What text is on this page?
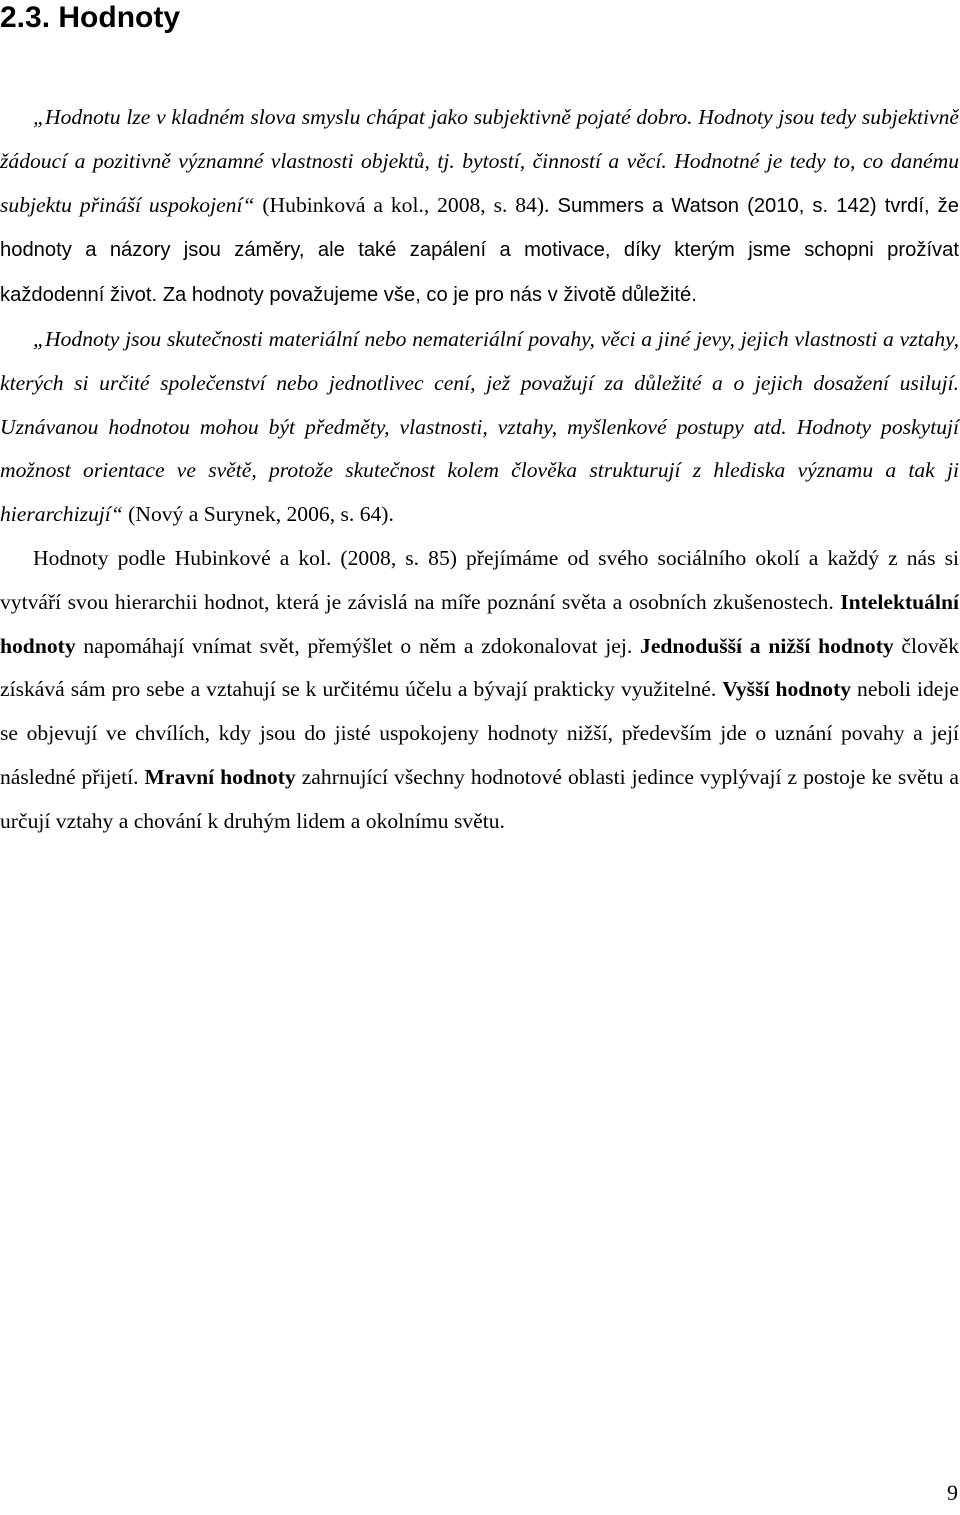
2.3. Hodnoty

„Hodnotu lze v kladném slova smyslu chápat jako subjektivně pojaté dobro. Hodnoty jsou tedy subjektivně žádoucí a pozitivně významné vlastnosti objektů, tj. bytostí, činností a věcí. Hodnotné je tedy to, co danému subjektu přináší uspokojení“ (Hubinková a kol., 2008, s. 84). Summers a Watson (2010, s. 142) tvrdí, že hodnoty a názory jsou záměry, ale také zapálení a motivace, díky kterým jsme schopni prožívat každodenní život. Za hodnoty považujeme vše, co je pro nás v životě důležité.

„Hodnoty jsou skutečnosti materiální nebo nemateriální povahy, věci a jiné jevy, jejich vlastnosti a vztahy, kterých si určité společenství nebo jednotlivec cení, jež považují za důležité a o jejich dosažení usilují. Uznávanou hodnotou mohou být předměty, vlastnosti, vztahy, myšlenkové postupy atd. Hodnoty poskytují možnost orientace ve světě, protože skutečnost kolem člověka strukturují z hlediska významu a tak ji hierarchizují“ (Nový a Surynek, 2006, s. 64).

Hodnoty podle Hubinkové a kol. (2008, s. 85) přejímáme od svého sociálního okolí a každý z nás si vytváří svou hierarchii hodnot, která je závislá na míře poznání světa a osobních zkušenostech. Intelektuální hodnoty napomáhají vnímat svět, přemýšlet o něm a zdokonalovat jej. Jednodušší a nižší hodnoty člověk získává sám pro sebe a vztahují se k určitému účelu a bývají prakticky využitelné. Vyšší hodnoty neboli ideje se objevují ve chvílích, kdy jsou do jisté uspokojeny hodnoty nižší, především jde o uznání povahy a její následné přijetí. Mravní hodnoty zahrnující všechny hodnotové oblasti jedince vyplývají z postoje ke světu a určují vztahy a chování k druhým lidem a okolnímu světu.

9
